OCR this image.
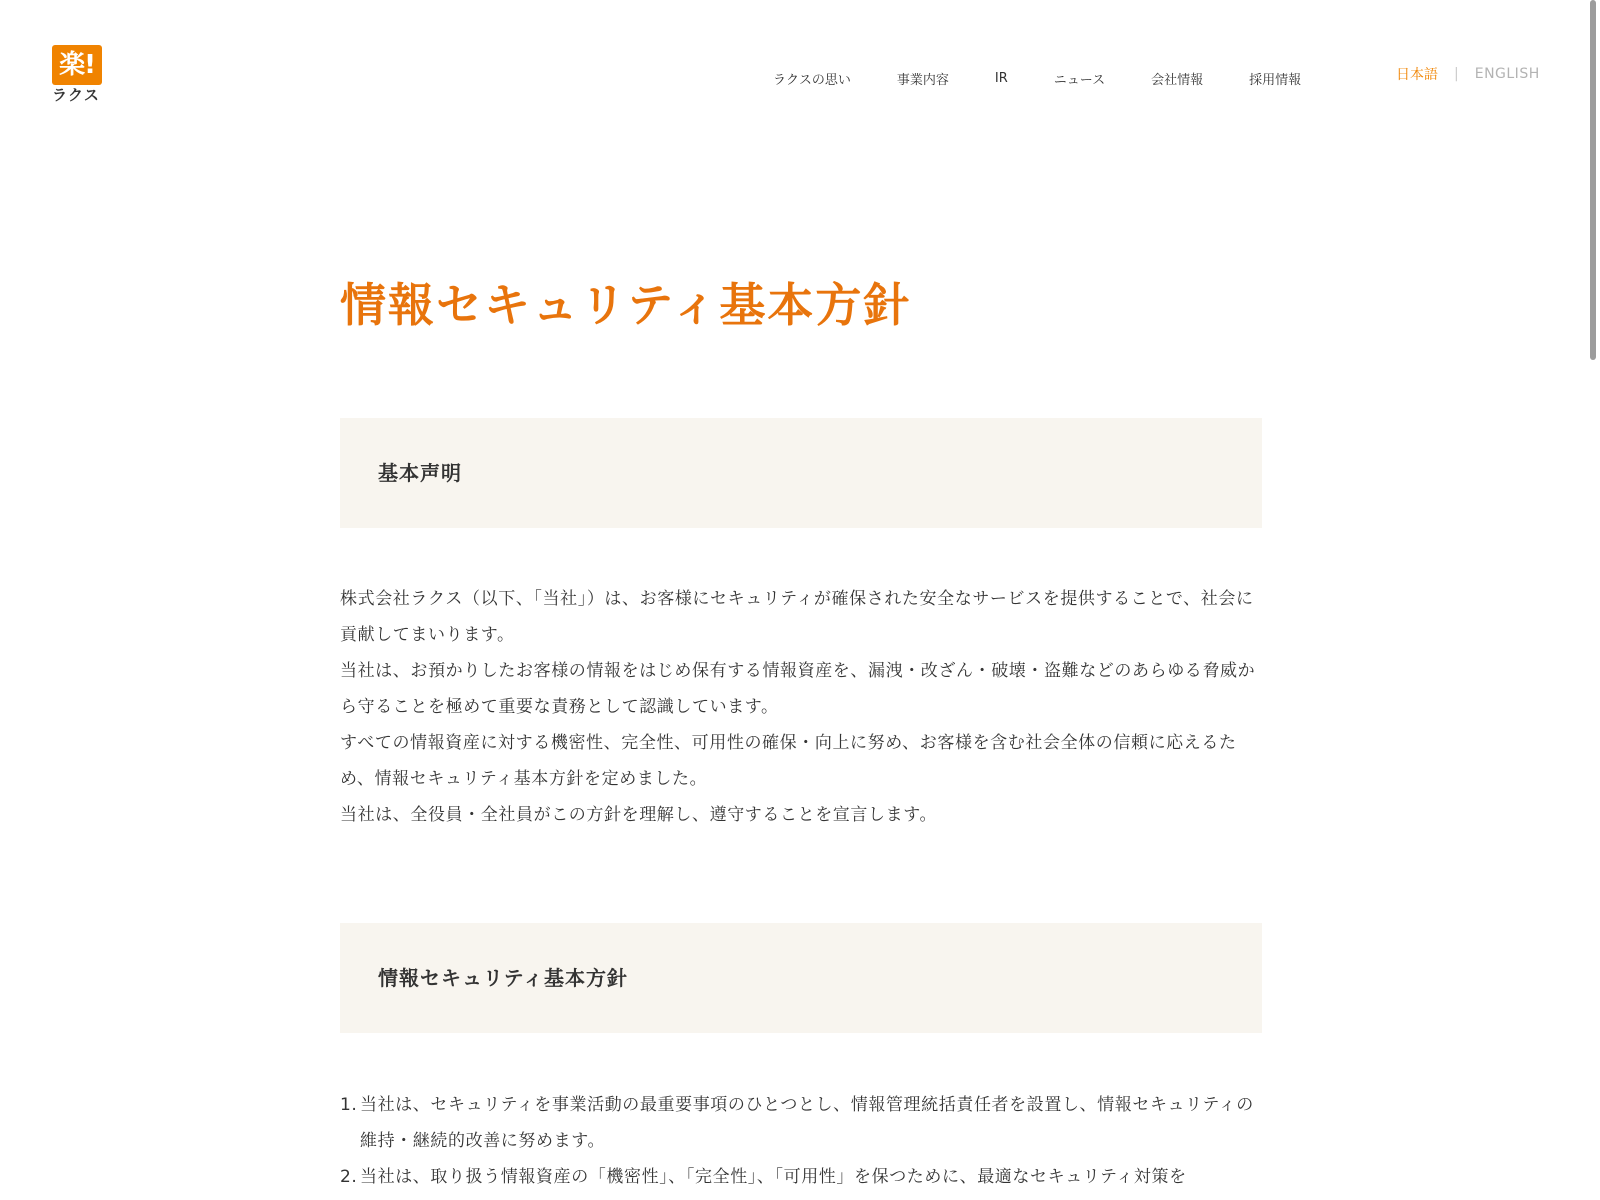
楽!
ラクス
ラクスの思い	事業内容	IR	ニュース	会社情報	採用情報	日本語 | ENGLISH
情報セキュリティ基本方針
基本声明

株式会社ラクス（以下、「当社」）は、お客様にセキュリティが確保された安全なサービスを提供することで、社会に貢献してまいります。

当社は、お預かりしたお客様の情報をはじめ保有する情報資産を、漏洩・改ざん・破壊・盗難などのあらゆる脅威から守ることを極めて重要な責務として認識しています。

すべての情報資産に対する機密性、完全性、可用性の確保・向上に努め、お客様を含む社会全体の信頼に応えるため、情報セキュリティ基本方針を定めました。

当社は、全役員・全社員がこの方針を理解し、遵守することを宣言します。

情報セキュリティ基本方針
1. 当社は、セキュリティを事業活動の最重要事項のひとつとし、情報管理統括責任者を設置し、情報セキュリティの維持・継続的改善に努めます。
2. 当社は、取り扱う情報資産の「機密性」、「完全性」、「可用性」を保つために、最適なセキュリティ対策を
